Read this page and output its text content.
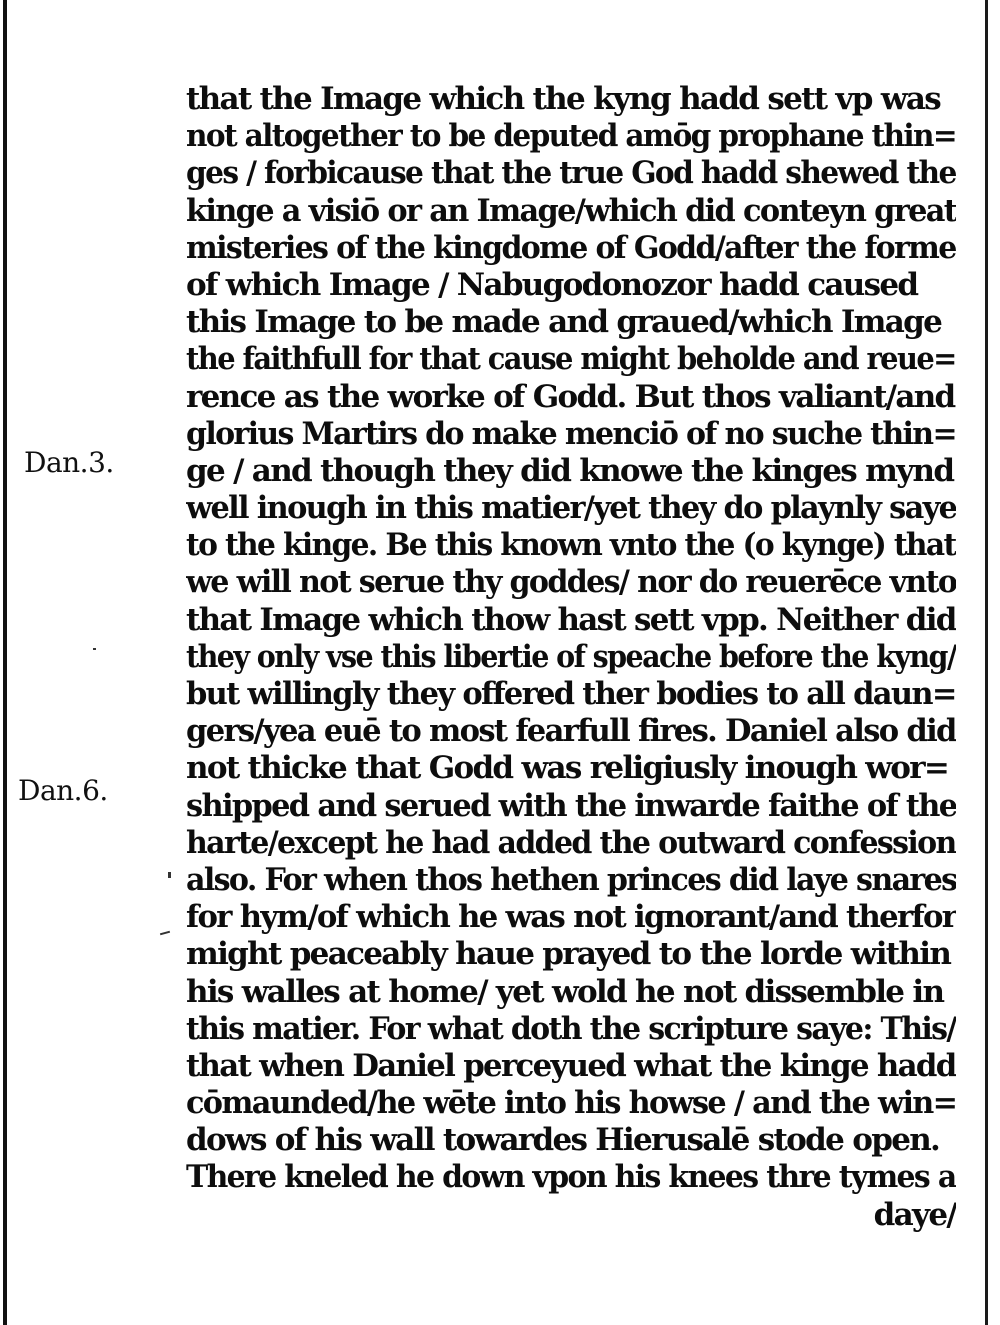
Dan.3.
Dan.6.
that the Image which the kyng hadd sett vp was
not altogether to be deputed amōg prophane thin=
ges / forbicause that the true God hadd shewed the
kinge a visiō or an Image/which did conteyn great
misteries of the kingdome of Godd/after the forme
of which Image / Nabugodonozor hadd caused
this Image to be made and graued/which Image
the faithfull for that cause might beholde and reue=
rence as the worke of Godd. But thos valiant/and
glorius Martirs do make menciō of no suche thin=
ge / and though they did knowe the kinges mynd
well inough in this matier/yet they do playnly saye
to the kinge. Be this known vnto the (o kynge) that
we will not serue thy goddes/ nor do reuerēce vnto
that Image which thow hast sett vpp. Neither did
they only vse this libertie of speache before the kyng/
but willingly they offered ther bodies to all daun=
gers/yea euē to most fearfull fires. Daniel also did
not thicke that Godd was religiusly inough wor=
shipped and serued with the inwarde faithe of the
harte/except he had added the outward confession
also. For when thos hethen princes did laye snares
for hym/of which he was not ignorant/and therfor
might peaceably haue prayed to the lorde within
his walles at home/ yet wold he not dissemble in
this matier. For what doth the scripture saye: This/
that when Daniel perceyued what the kinge hadd
cōmaunded/he wēte into his howse / and the win=
dows of his wall towardes Hierusalē stode open.
There kneled he down vpon his knees thre tymes a
daye/
